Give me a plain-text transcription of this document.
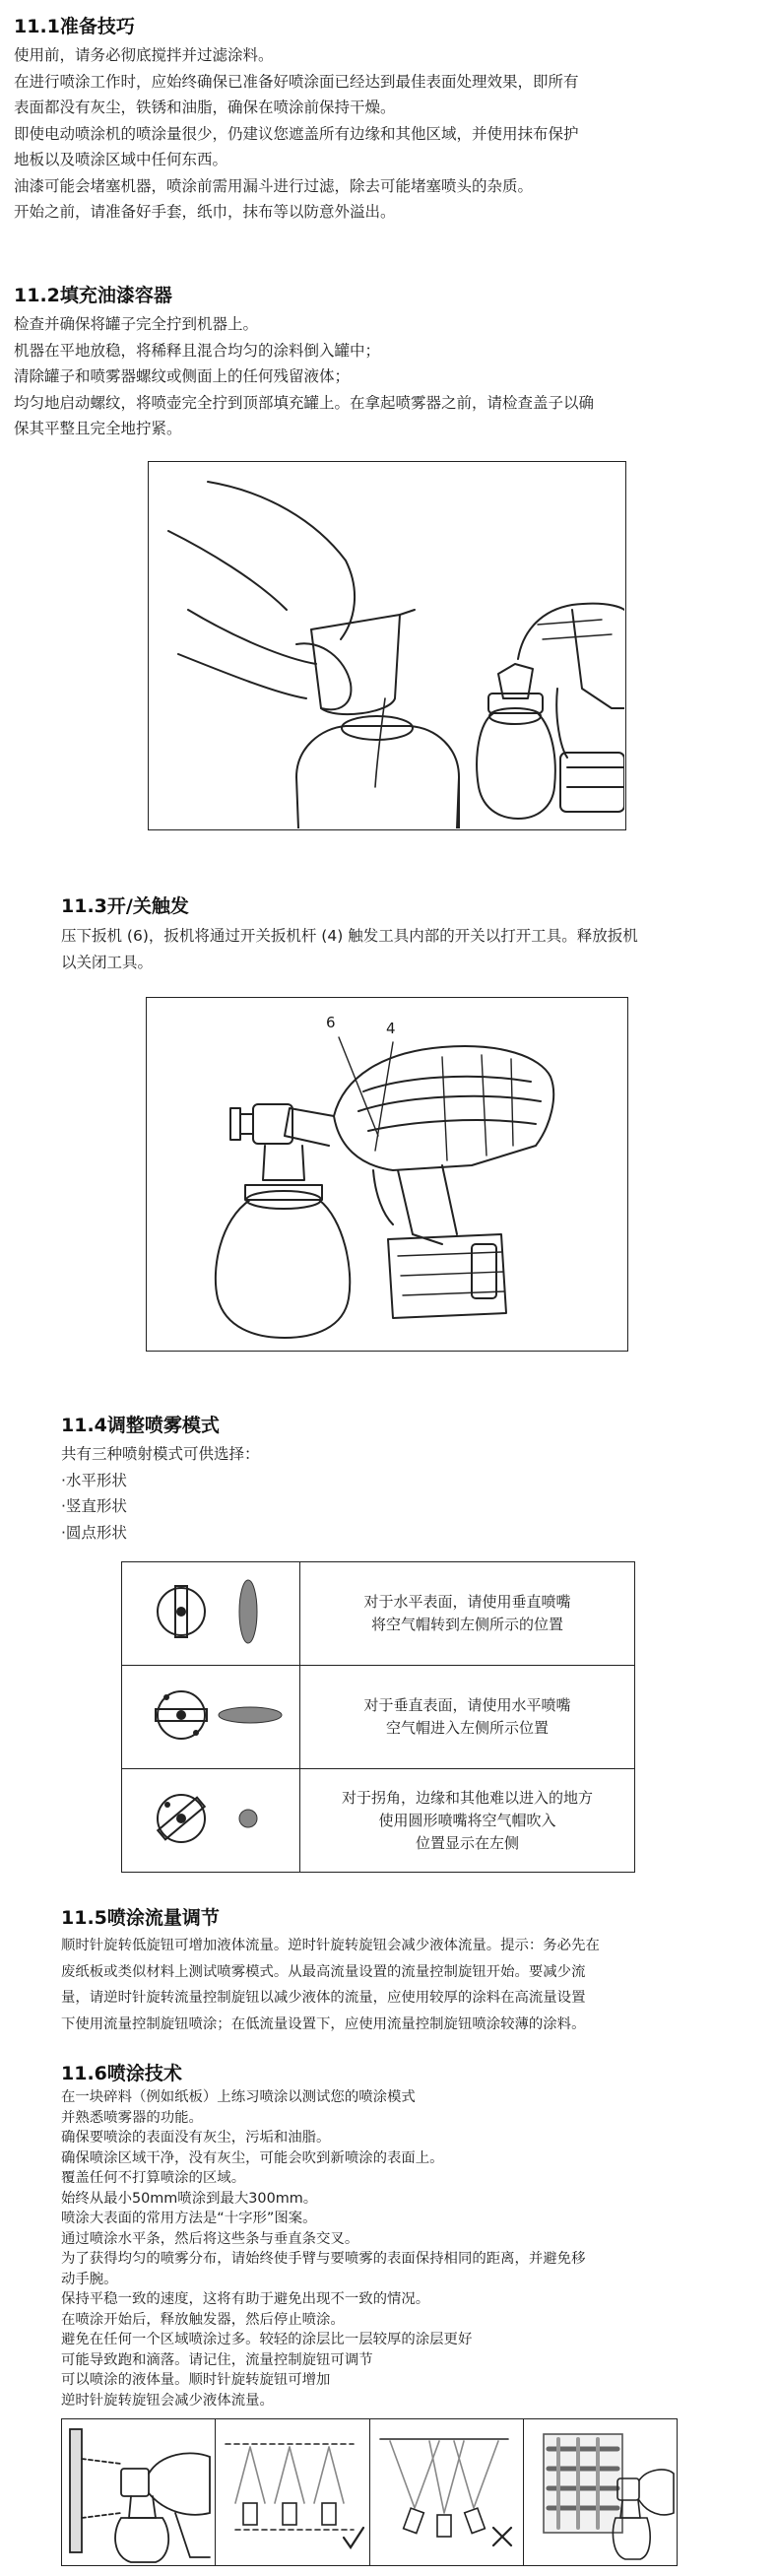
11.1准备技巧
使用前，请务必彻底搅拌并过滤涂料。
在进行喷涂工作时，应始终确保已准备好喷涂面已经达到最佳表面处理效果，即所有
表面都没有灰尘，铁锈和油脂，确保在喷涂前保持干燥。
即使电动喷涂机的喷涂量很少，仍建议您遮盖所有边缘和其他区域，并使用抹布保护
地板以及喷涂区域中任何东西。
油漆可能会堵塞机器，喷涂前需用漏斗进行过滤，除去可能堵塞喷头的杂质。
开始之前，请准备好手套，纸巾，抹布等以防意外溢出。
11.2填充油漆容器
检查并确保将罐子完全拧到机器上。
机器在平地放稳，将稀释且混合均匀的涂料倒入罐中；
清除罐子和喷雾器螺纹或侧面上的任何残留液体；
均匀地启动螺纹，将喷壶完全拧到顶部填充罐上。在拿起喷雾器之前，请检查盖子以确
保其平整且完全地拧紧。
11.3开/关触发
压下扳机 (6)，扳机将通过开关扳机杆 (4) 触发工具内部的开关以打开工具。释放扳机
以关闭工具。
6	4
11.4调整喷雾模式
共有三种喷射模式可供选择：
·水平形状
·竖直形状
·圆点形状

对于水平表面，请使用垂直喷嘴
将空气帽转到左侧所示的位置

对于垂直表面，请使用水平喷嘴
空气帽进入左侧所示位置

对于拐角，边缘和其他难以进入的地方
使用圆形喷嘴将空气帽吹入
位置显示在左侧
11.5喷涂流量调节
顺时针旋转低旋钮可增加液体流量。逆时针旋转旋钮会减少液体流量。提示：务必先在
废纸板或类似材料上测试喷雾模式。从最高流量设置的流量控制旋钮开始。要减少流
量，请逆时针旋转流量控制旋钮以减少液体的流量，应使用较厚的涂料在高流量设置
下使用流量控制旋钮喷涂；在低流量设置下，应使用流量控制旋钮喷涂较薄的涂料。
11.6喷涂技术
在一块碎料（例如纸板）上练习喷涂以测试您的喷涂模式
并熟悉喷雾器的功能。
确保要喷涂的表面没有灰尘，污垢和油脂。
确保喷涂区域干净，没有灰尘，可能会吹到新喷涂的表面上。
覆盖任何不打算喷涂的区域。
始终从最小50mm喷涂到最大300mm。
喷涂大表面的常用方法是“十字形”图案。
通过喷涂水平条，然后将这些条与垂直条交叉。
为了获得均匀的喷雾分布，请始终使手臂与要喷雾的表面保持相同的距离，并避免移
动手腕。
保持平稳一致的速度，这将有助于避免出现不一致的情况。
在喷涂开始后，释放触发器，然后停止喷涂。
避免在任何一个区域喷涂过多。较轻的涂层比一层较厚的涂层更好
可能导致跑和滴落。请记住，流量控制旋钮可调节
可以喷涂的液体量。顺时针旋转旋钮可增加
逆时针旋转旋钮会减少液体流量。
